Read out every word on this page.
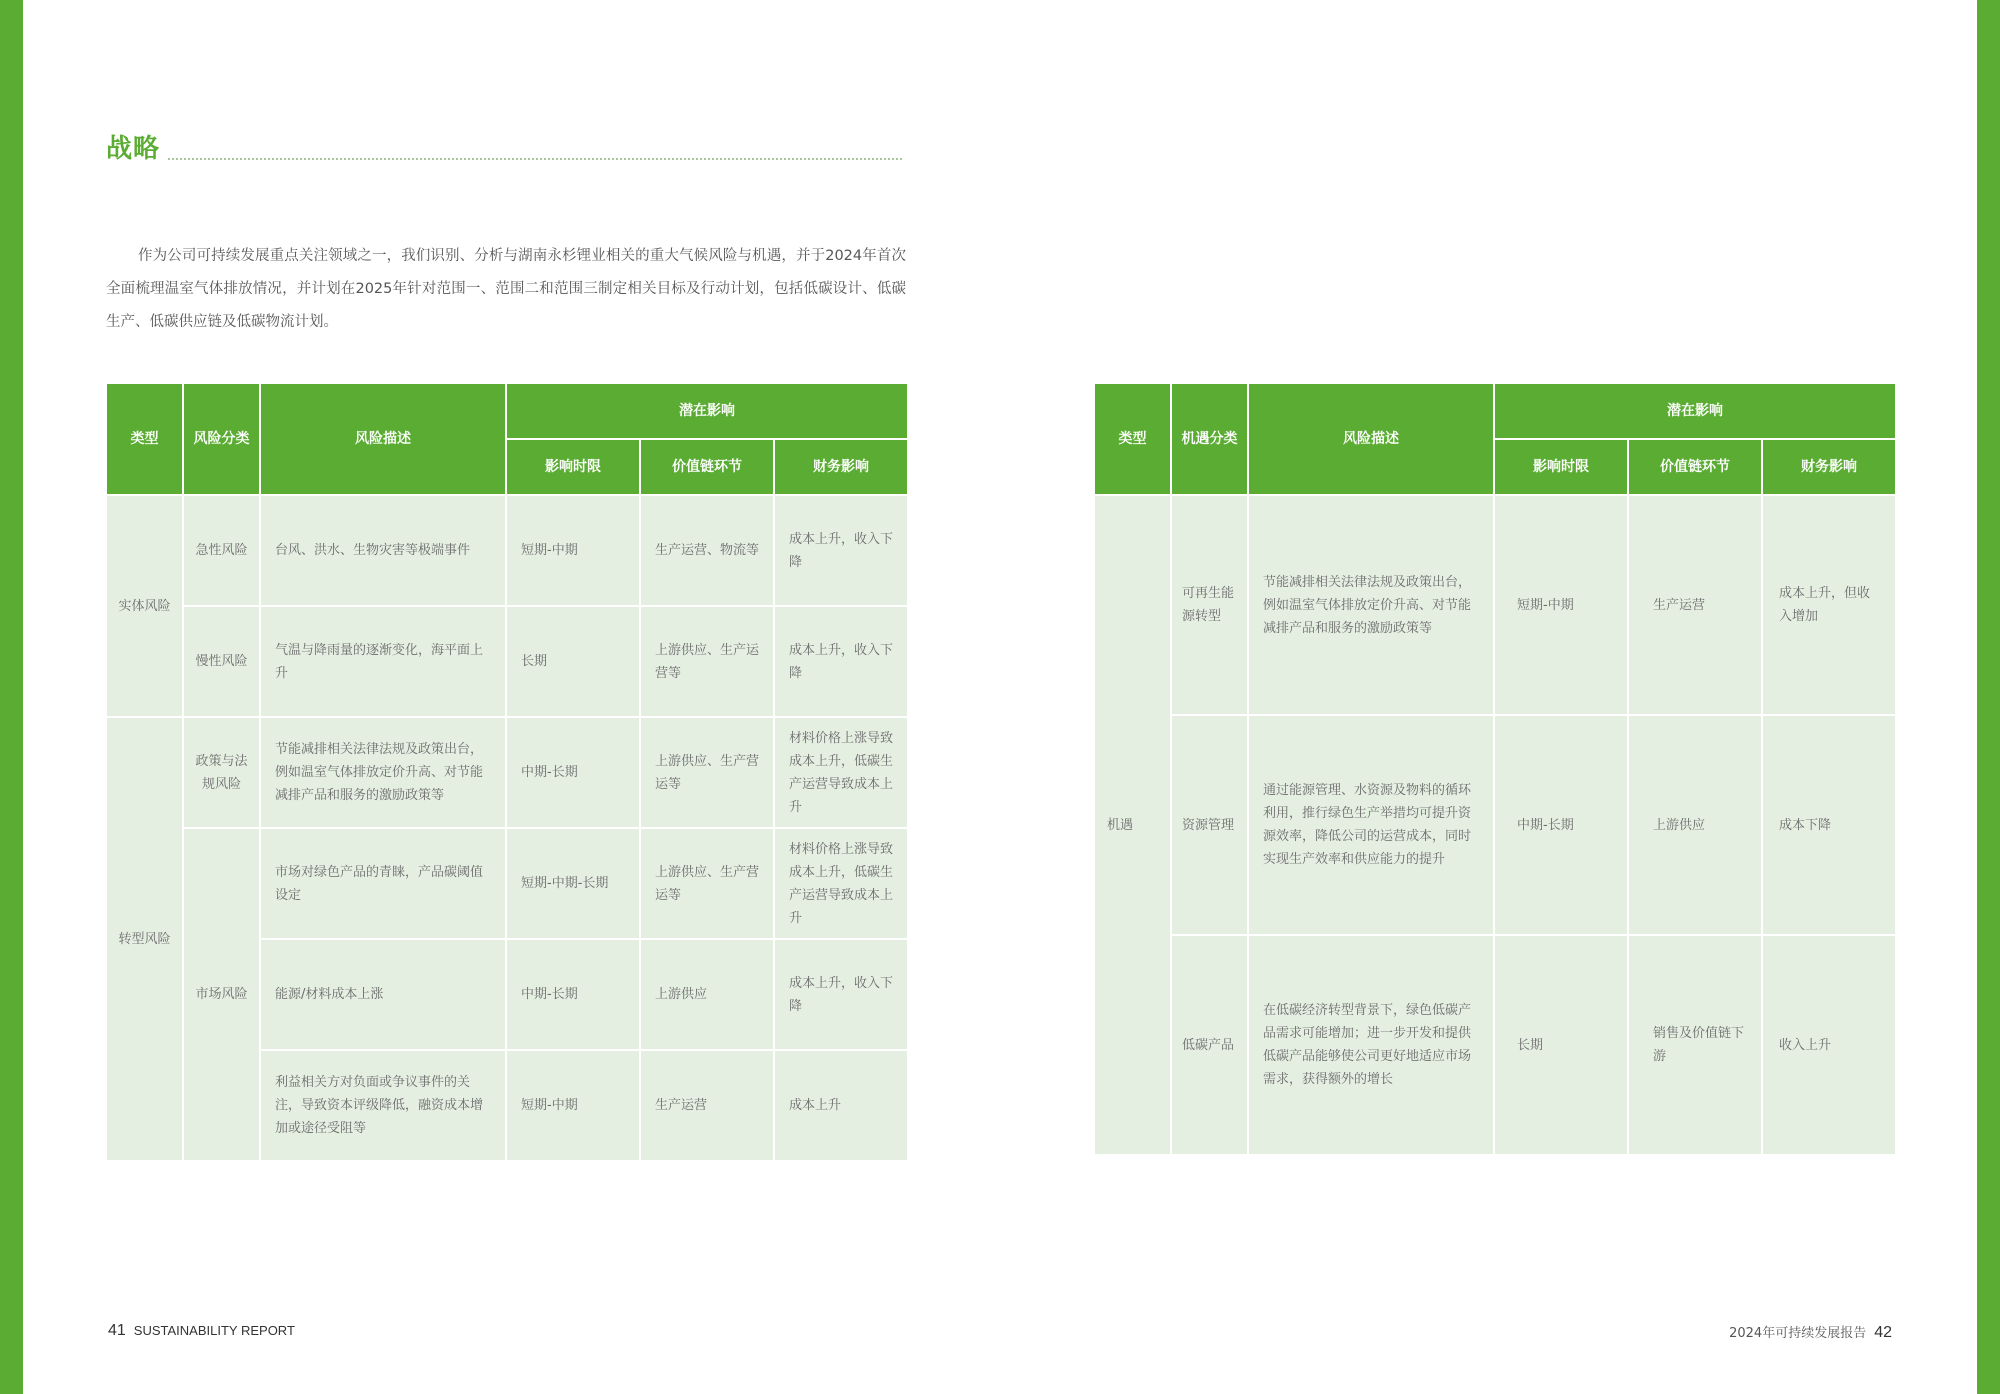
战略

作为公司可持续发展重点关注领域之一，我们识别、分析与湖南永杉锂业相关的重大气候风险与机遇，并于2024年首次全面梳理温室气体排放情况，并计划在2025年针对范围一、范围二和范围三制定相关目标及行动计划，包括低碳设计、低碳生产、低碳供应链及低碳物流计划。

类型	风险分类	风险描述	潜在影响		
			影响时限	价值链环节	财务影响
实体风险	急性风险	台风、洪水、生物灾害等极端事件	短期-中期	生产运营、物流等	成本上升，收入下降
	慢性风险	气温与降雨量的逐渐变化，海平面上升	长期	上游供应、生产运营等	成本上升，收入下降
转型风险	政策与法规风险	节能减排相关法律法规及政策出台，例如温室气体排放定价升高、对节能减排产品和服务的激励政策等	中期-长期	上游供应、生产营运等	材料价格上涨导致成本上升，低碳生产运营导致成本上升
	市场风险	市场对绿色产品的青睐，产品碳阈值设定	短期-中期-长期	上游供应、生产营运等	材料价格上涨导致成本上升，低碳生产运营导致成本上升
		能源/材料成本上涨	中期-长期	上游供应	成本上升，收入下降
		利益相关方对负面或争议事件的关注，导致资本评级降低，融资成本增加或途径受阻等	短期-中期	生产运营	成本上升
类型	机遇分类	风险描述	潜在影响		
			影响时限	价值链环节	财务影响
机遇	可再生能源转型	节能减排相关法律法规及政策出台，例如温室气体排放定价升高、对节能减排产品和服务的激励政策等	短期-中期	生产运营	成本上升，但收入增加
	资源管理	通过能源管理、水资源及物料的循环利用，推行绿色生产举措均可提升资源效率，降低公司的运营成本，同时实现生产效率和供应能力的提升	中期-长期	上游供应	成本下降
	低碳产品	在低碳经济转型背景下，绿色低碳产品需求可能增加；进一步开发和提供低碳产品能够使公司更好地适应市场需求，获得额外的增长	长期	销售及价值链下游	收入上升
41 SUSTAINABILITY REPORT	2024年可持续发展报告 42
